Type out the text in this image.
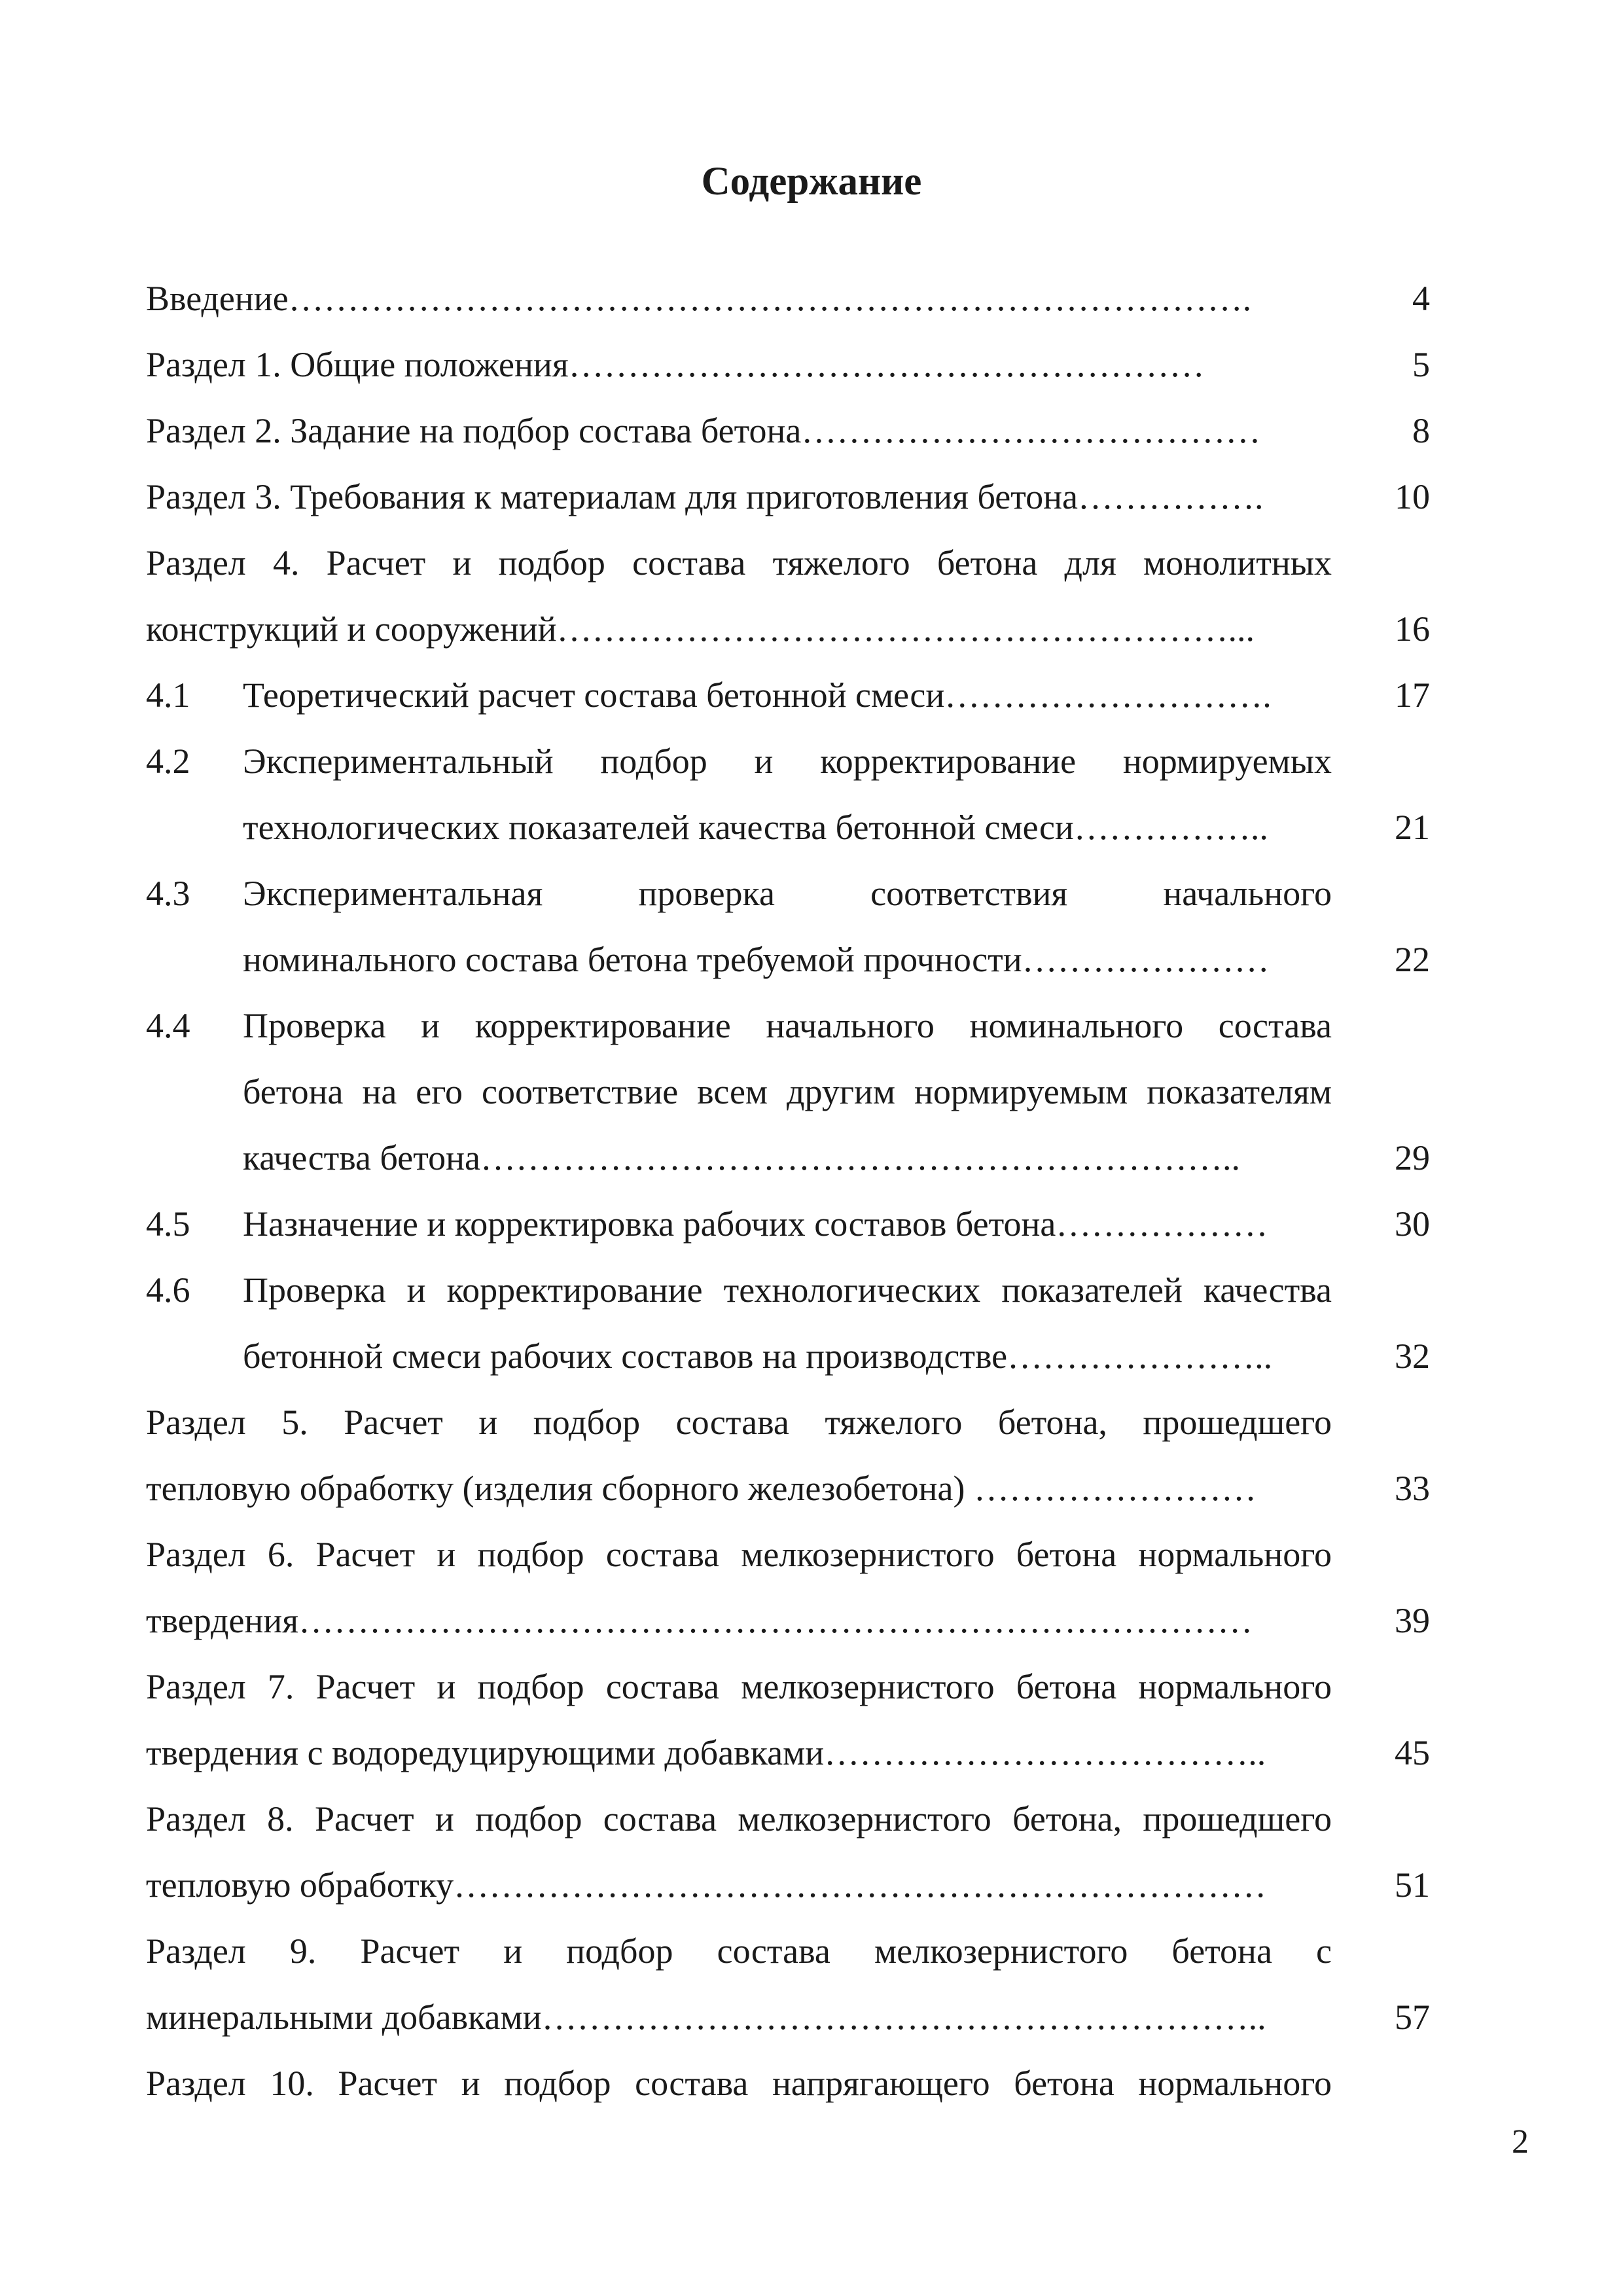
Содержание
Введение……………………………………………………………………….	4
Раздел 1. Общие положения………………………………………………	5
Раздел 2. Задание на подбор состава бетона…………………………………	8
Раздел 3. Требования к материалам для приготовления бетона…………….	10
Раздел 4. Расчет и подбор состава тяжелого бетона для монолитных
конструкций и сооружений…………………………………………………...	16
4.1 Теоретический расчет состава бетонной смеси……………………….	17
4.2 Экспериментальный подбор и корректирование нормируемых
технологических показателей качества бетонной смеси……………..	21
4.3 Экспериментальная проверка соответствия начального
номинального состава бетона требуемой прочности…………………	22
4.4 Проверка и корректирование начального номинального состава
бетона на его соответствие всем другим нормируемым показателям
качества бетона………………………………………………………..	29
4.5 Назначение и корректировка рабочих составов бетона………………	30
4.6 Проверка и корректирование технологических показателей качества
бетонной смеси рабочих составов на производстве…………………..	32
Раздел 5. Расчет и подбор состава тяжелого бетона, прошедшего
тепловую обработку (изделия сборного железобетона) ……………………	33
Раздел 6. Расчет и подбор состава мелкозернистого бетона нормального
твердения………………………………………………………………………	39
Раздел 7. Расчет и подбор состава мелкозернистого бетона нормального
твердения с водоредуцирующими добавками………………………………..	45
Раздел 8. Расчет и подбор состава мелкозернистого бетона, прошедшего
тепловую обработку……………………………………………………………	51
Раздел 9. Расчет и подбор состава мелкозернистого бетона с
минеральными добавками……………………………………………………..	57
Раздел 10. Расчет и подбор состава напрягающего бетона нормального
2
